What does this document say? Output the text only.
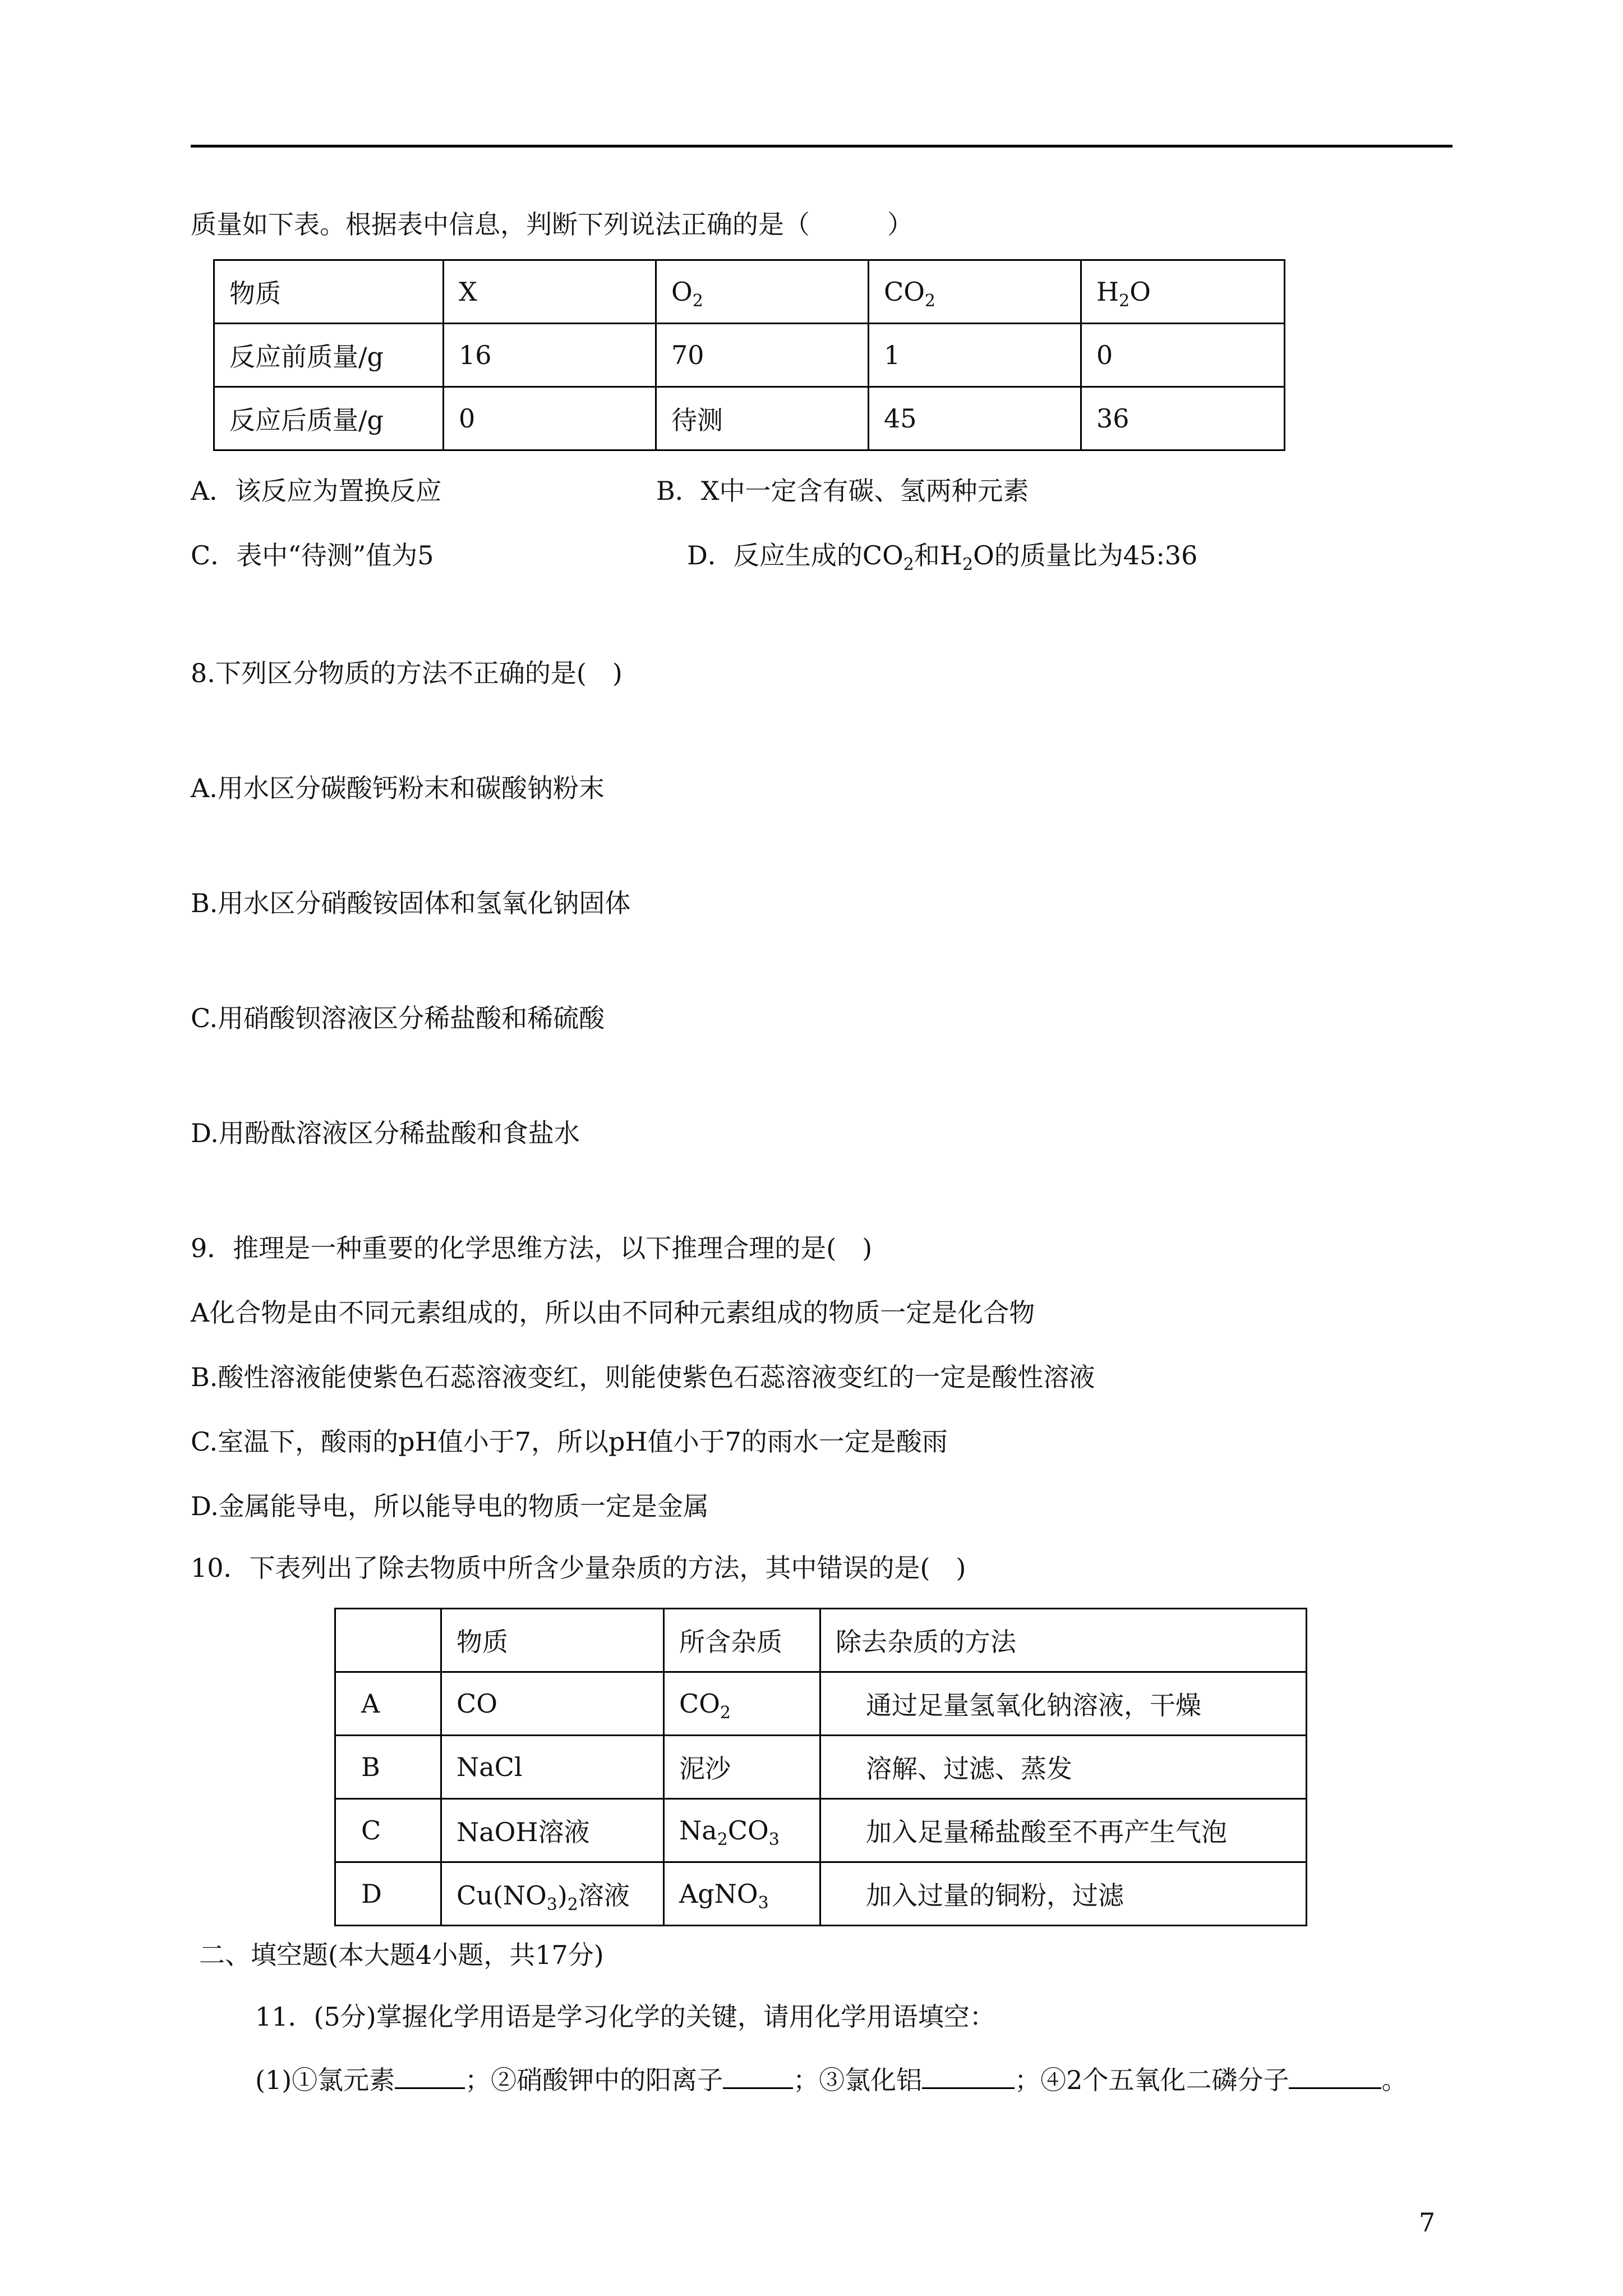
质量如下表。根据表中信息，判断下列说法正确的是（　　　）
物质	X	$O_2$	$CO_2$	$H_2O$
反应前质量/g	16	70	1	0
反应后质量/g	0	待测	45	36
A．该反应为置换反应	B．X中一定含有碳、氢两种元素
C．表中“待测”值为5	D．反应生成的$CO_2$和$H_2O$的质量比为45:36
8.下列区分物质的方法不正确的是(　)
A.用水区分碳酸钙粉末和碳酸钠粉末
B.用水区分硝酸铵固体和氢氧化钠固体
C.用硝酸钡溶液区分稀盐酸和稀硫酸
D.用酚酞溶液区分稀盐酸和食盐水
9．推理是一种重要的化学思维方法，以下推理合理的是(　)
A化合物是由不同元素组成的，所以由不同种元素组成的物质一定是化合物
B.酸性溶液能使紫色石蕊溶液变红，则能使紫色石蕊溶液变红的一定是酸性溶液
C.室温下，酸雨的pH值小于7，所以pH值小于7的雨水一定是酸雨
D.金属能导电，所以能导电的物质一定是金属
10．下表列出了除去物质中所含少量杂质的方法，其中错误的是(　)
	物质	所含杂质	除去杂质的方法
A	CO	$CO_2$	通过足量氢氧化钠溶液，干燥
B	NaCl	泥沙	溶解、过滤、蒸发
C	NaOH溶液	$Na_2CO_3$	加入足量稀盐酸至不再产生气泡
D	$Cu(NO_3)_2$溶液	AgNO$_3$	加入过量的铜粉，过滤
二、填空题(本大题4小题，共17分)
11．(5分)掌握化学用语是学习化学的关键，请用化学用语填空：
(1)①氯元素	；②硝酸钾中的阳离子	；③氯化铝	；④2个五氧化二磷分子	。
7
